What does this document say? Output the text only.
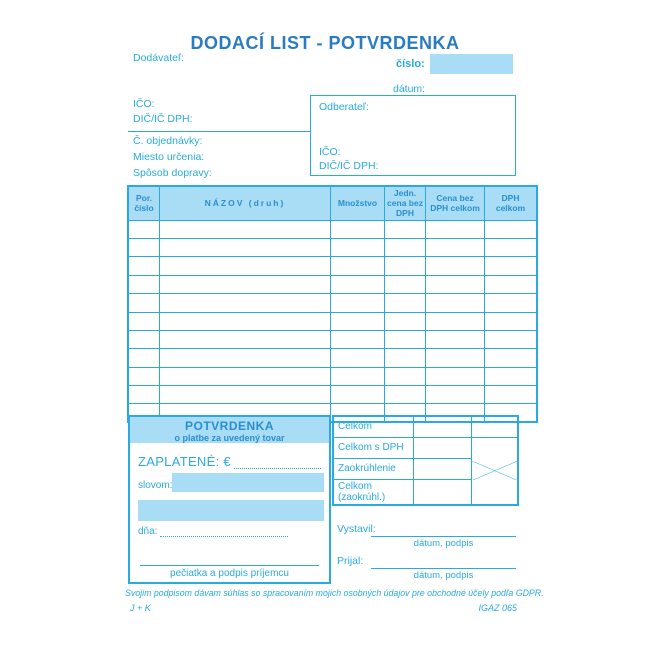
DODACÍ LIST - POTVRDENKA
Dodávateľ:	číslo:
dátum:
IČO:
DIČ/IČ DPH:
Č. objednávky:
Miesto určenia:
Spôsob dopravy:
Odberateľ:
IČO:
DIČ/IČ DPH:
Por. číslo	NÁZOV (druh)	Množstvo	Jedn. cena bez DPH	Cena bez DPH celkom	DPH celkom

POTVRDENKA
o platbe za uvedený tovar
ZAPLATENÉ: €
slovom:
dňa:
pečiatka a podpis príjemcu
Celkom		
Celkom s DPH		

Zaokrúhlenie		
Celkom (zaokrúhl.)		
Vystavil:
dátum, podpis
Prijal:
dátum, podpis
Svojim podpisom dávam súhlas so spracovaním mojich osobných údajov pre obchodné účely podľa GDPR.
J + K	IGAZ 065
